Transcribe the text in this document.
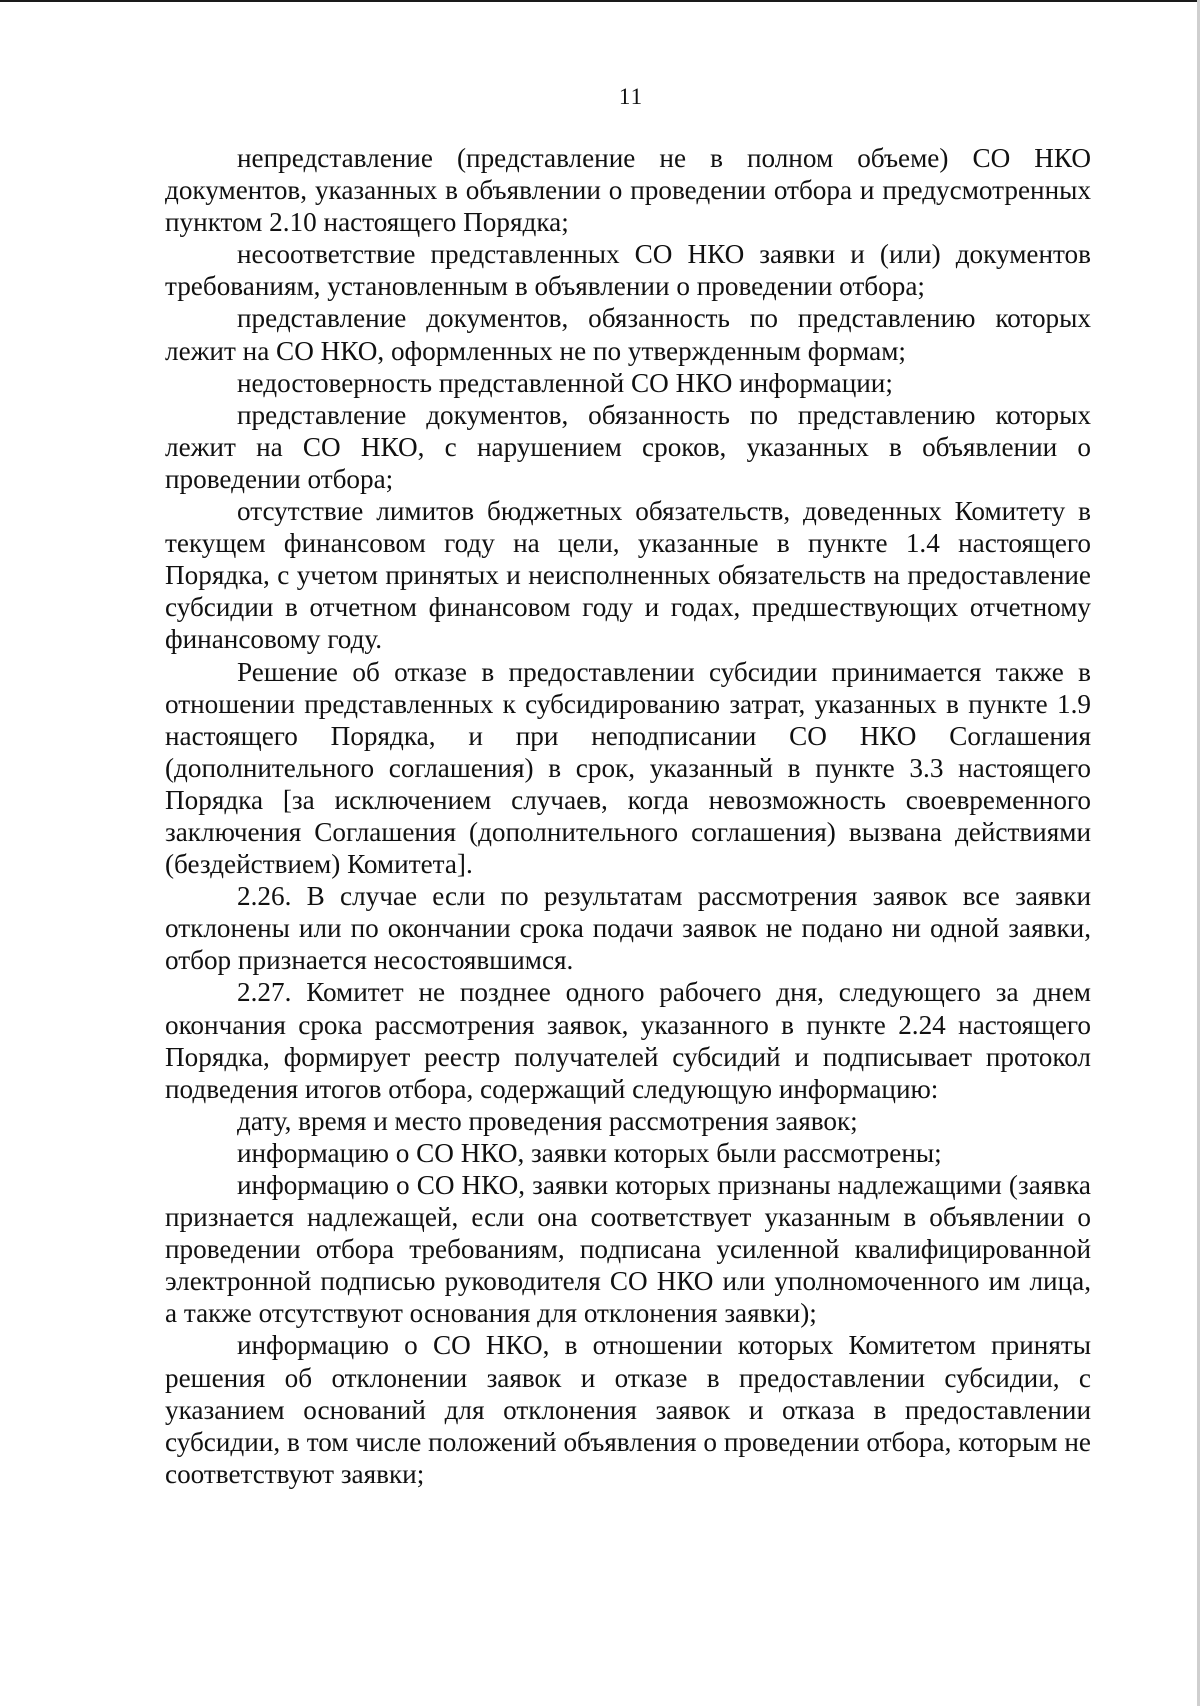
11

непредставление (представление не в полном объеме) СО НКО документов, указанных в объявлении о проведении отбора и предусмотренных пунктом 2.10 настоящего Порядка;

несоответствие представленных СО НКО заявки и (или) документов требованиям, установленным в объявлении о проведении отбора;

представление документов, обязанность по представлению которых лежит на СО НКО, оформленных не по утвержденным формам;

недостоверность представленной СО НКО информации;

представление документов, обязанность по представлению которых лежит на СО НКО, с нарушением сроков, указанных в объявлении о проведении отбора;

отсутствие лимитов бюджетных обязательств, доведенных Комитету в текущем финансовом году на цели, указанные в пункте 1.4 настоящего Порядка, с учетом принятых и неисполненных обязательств на предоставление субсидии в отчетном финансовом году и годах, предшествующих отчетному финансовому году.

Решение об отказе в предоставлении субсидии принимается также в отношении представленных к субсидированию затрат, указанных в пункте 1.9 настоящего Порядка, и при неподписании СО НКО Соглашения (дополнительного соглашения) в срок, указанный в пункте 3.3 настоящего Порядка [за исключением случаев, когда невозможность своевременного заключения Соглашения (дополнительного соглашения) вызвана действиями (бездействием) Комитета].

2.26. В случае если по результатам рассмотрения заявок все заявки отклонены или по окончании срока подачи заявок не подано ни одной заявки, отбор признается несостоявшимся.

2.27. Комитет не позднее одного рабочего дня, следующего за днем окончания срока рассмотрения заявок, указанного в пункте 2.24 настоящего Порядка, формирует реестр получателей субсидий и подписывает протокол подведения итогов отбора, содержащий следующую информацию:

дату, время и место проведения рассмотрения заявок;

информацию о СО НКО, заявки которых были рассмотрены;

информацию о СО НКО, заявки которых признаны надлежащими (заявка признается надлежащей, если она соответствует указанным в объявлении о проведении отбора требованиям, подписана усиленной квалифицированной электронной подписью руководителя СО НКО или уполномоченного им лица, а также отсутствуют основания для отклонения заявки);

информацию о СО НКО, в отношении которых Комитетом приняты решения об отклонении заявок и отказе в предоставлении субсидии, с указанием оснований для отклонения заявок и отказа в предоставлении субсидии, в том числе положений объявления о проведении отбора, которым не соответствуют заявки;
